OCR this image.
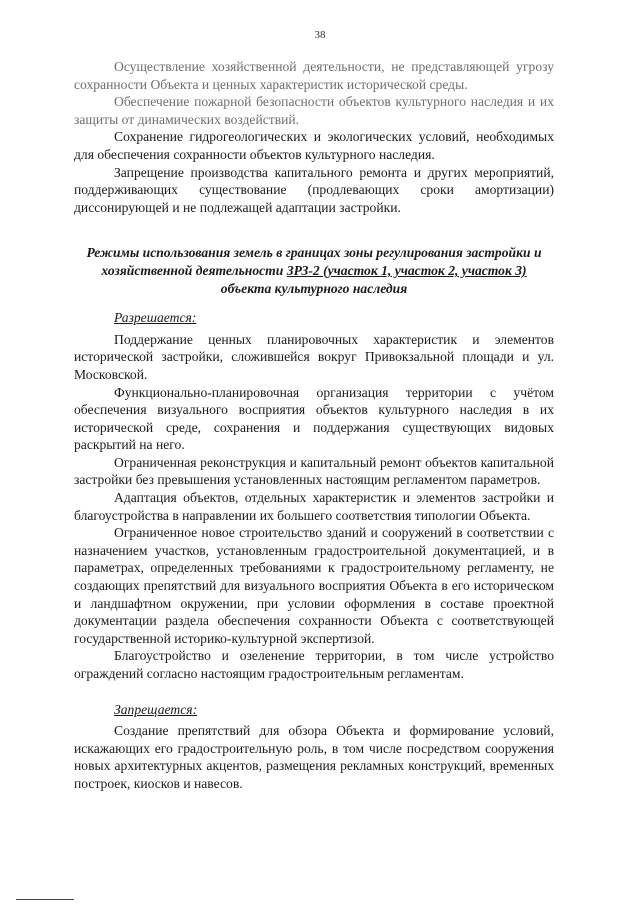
38

Осуществление хозяйственной деятельности, не представляющей угрозу сохранности Объекта и ценных характеристик исторической среды.

Обеспечение пожарной безопасности объектов культурного наследия и их защиты от динамических воздействий.

Сохранение гидрогеологических и экологических условий, необходимых для обеспечения сохранности объектов культурного наследия.

Запрещение производства капитального ремонта и других мероприятий, поддерживающих существование (продлевающих сроки амортизации) диссонирующей и не подлежащей адаптации застройки.

Режимы использования земель в границах зоны регулирования застройки и хозяйственной деятельности ЗРЗ-2 (участок 1, участок 2, участок 3) объекта культурного наследия

Разрешается:

Поддержание ценных планировочных характеристик и элементов исторической застройки, сложившейся вокруг Привокзальной площади и ул. Московской.

Функционально-планировочная организация территории с учётом обеспечения визуального восприятия объектов культурного наследия в их исторической среде, сохранения и поддержания существующих видовых раскрытий на него.

Ограниченная реконструкция и капитальный ремонт объектов капитальной застройки без превышения установленных настоящим регламентом параметров.

Адаптация объектов, отдельных характеристик и элементов застройки и благоустройства в направлении их большего соответствия типологии Объекта.

Ограниченное новое строительство зданий и сооружений в соответствии с назначением участков, установленным градостроительной документацией, и в параметрах, определенных требованиями к градостроительному регламенту, не создающих препятствий для визуального восприятия Объекта в его историческом и ландшафтном окружении, при условии оформления в составе проектной документации раздела обеспечения сохранности Объекта с соответствующей государственной историко-культурной экспертизой.

Благоустройство и озеленение территории, в том числе устройство ограждений согласно настоящим градостроительным регламентам.

Запрещается:

Создание препятствий для обзора Объекта и формирование условий, искажающих его градостроительную роль, в том числе посредством сооружения новых архитектурных акцентов, размещения рекламных конструкций, временных построек, киосков и навесов.
